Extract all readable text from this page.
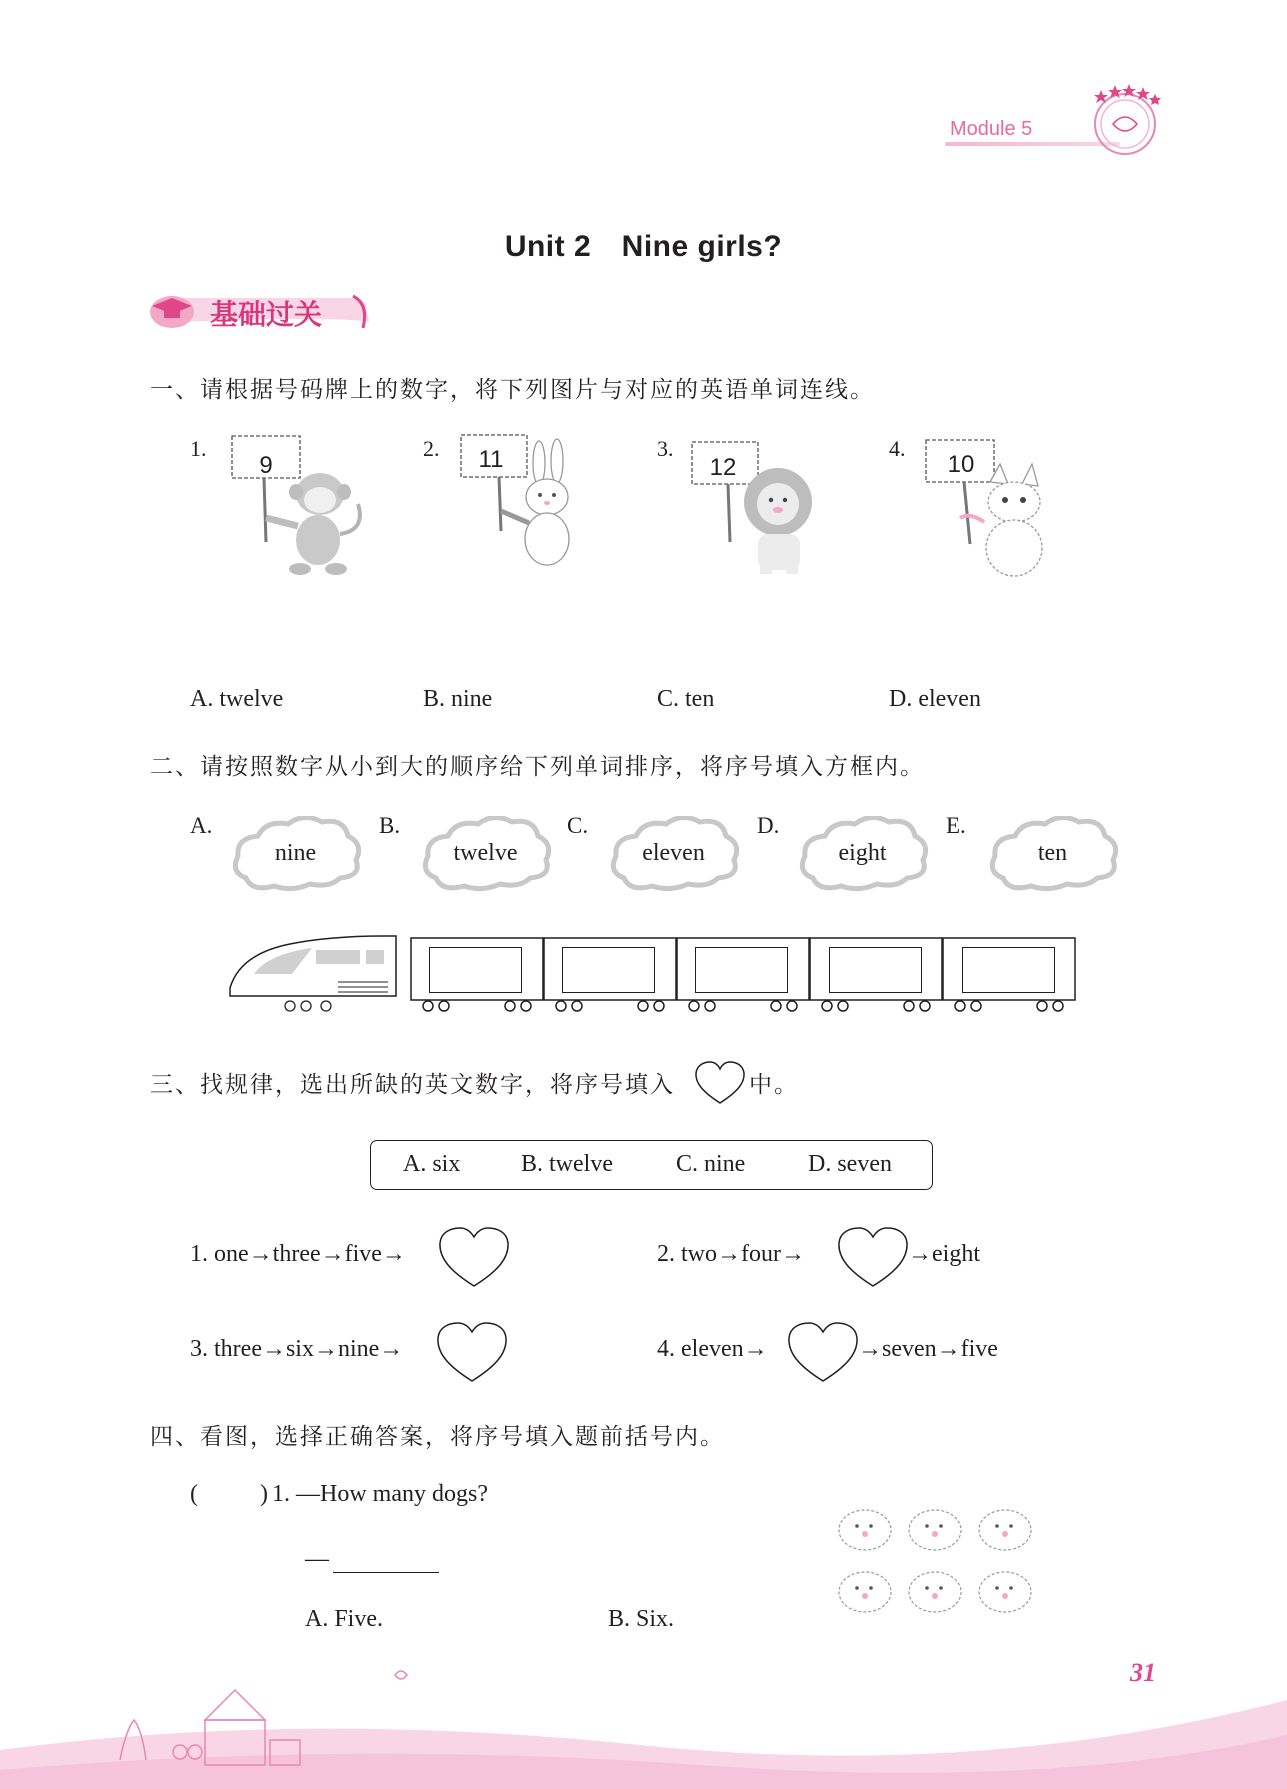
Module 5
Unit 2 Nine girls?
基础过关
一、请根据号码牌上的数字，将下列图片与对应的英语单词连线。
1.	2.	3.	4.
9	11	12	10
A. twelve	B. nine	C. ten	D. eleven
二、请按照数字从小到大的顺序给下列单词排序，将序号填入方框内。
A.
nine
B.
twelve
C.
eleven
D.
eight
E.
ten
三、找规律，选出所缺的英文数字，将序号填入	中。
A. six	B. twelve	C. nine	D. seven
1. one→three→five→	2. two→four→	→eight
3. three→six→nine→	4. eleven→	→seven→five
四、看图，选择正确答案，将序号填入题前括号内。
(	) 1. —How many dogs?
—
A. Five.	B. Six.
31
